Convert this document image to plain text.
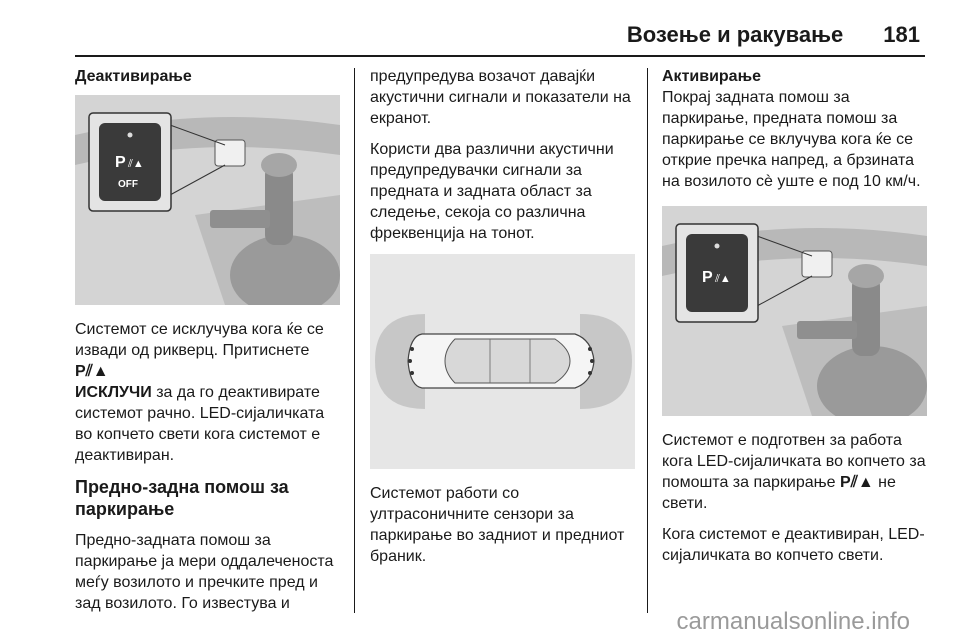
Возење и ракување 181
Деактивирање
P ⫽▲
OFF

Системот се исклучува кога ќе се извади од рикверц. Притиснете P⫽▲
ИСКЛУЧИ за да го деактивирате системот рачно. LED-сијаличката во копчето свети кога системот е деактивиран.

Предно-задна помош за паркирање

Предно-задната помош за паркирање ја мери оддалеченоста меѓу возилото и пречките пред и зад возилото. Го известува и

предупредува возачот давајќи акустични сигнали и показатели на екранот.

Користи два различни акустични предупредувачки сигнали за предната и задната област за следење, секоја со различна фреквенција на тонот.

Системот работи со ултрасоничните сензори за паркирање во задниот и предниот браник.

Активирање

Покрај задната помош за паркирање, предната помош за паркирање се вклучува кога ќе се открие пречка напред, а брзината на возилото сè уште е под 10 км/ч.

P ⫽▲

Системот е подготвен за работа кога LED-сијаличката во копчето за помошта за паркирање P⫽▲ не свети.

Кога системот е деактивиран, LED-сијаличката во копчето свети.

carmanualsonline.info
